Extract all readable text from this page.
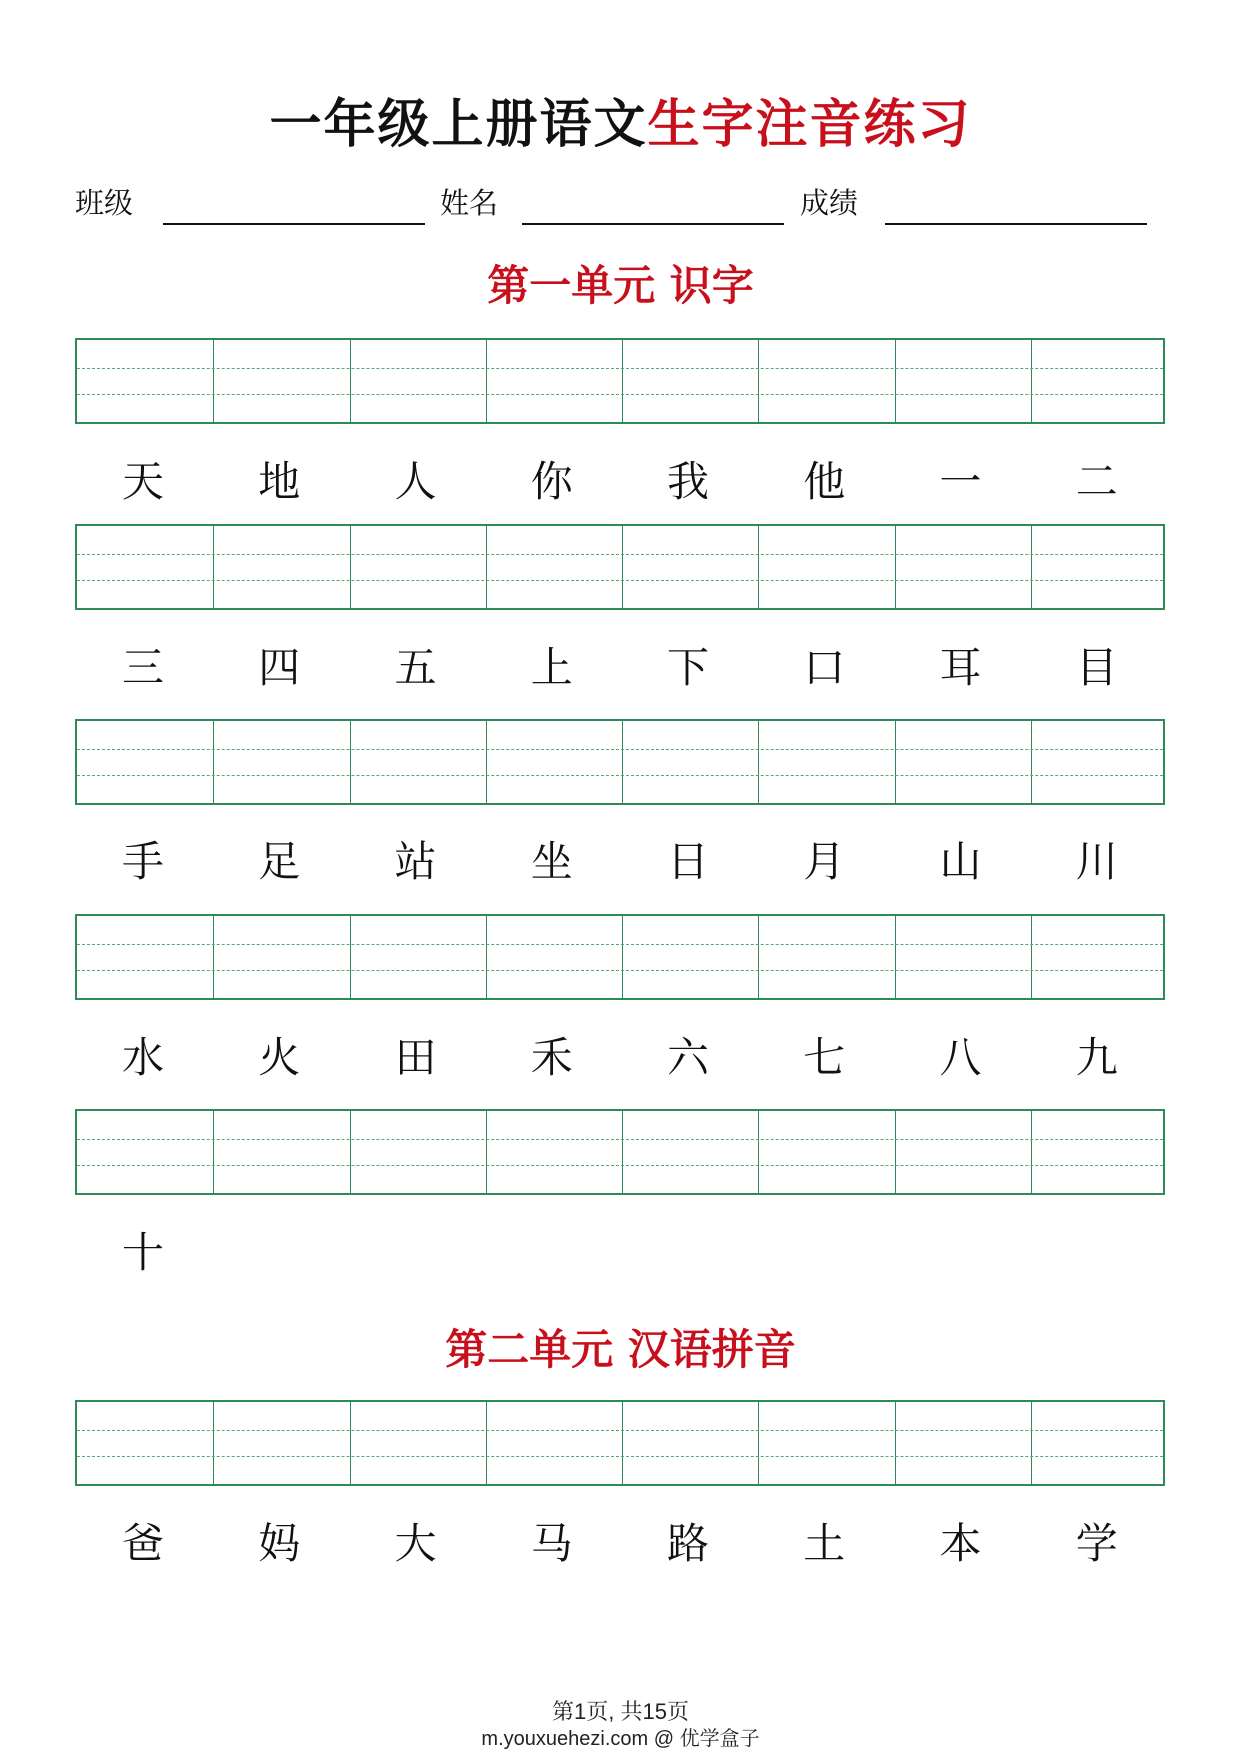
一年级上册语文生字注音练习
班级	姓名	成绩
第一单元 识字
天	地	人	你	我	他	一	二
三	四	五	上	下	口	耳	目
手	足	站	坐	日	月	山	川
水	火	田	禾	六	七	八	九
十
第二单元 汉语拼音
爸	妈	大	马	路	土	本	学
第1页, 共15页
m.youxuehezi.com @ 优学盒子
